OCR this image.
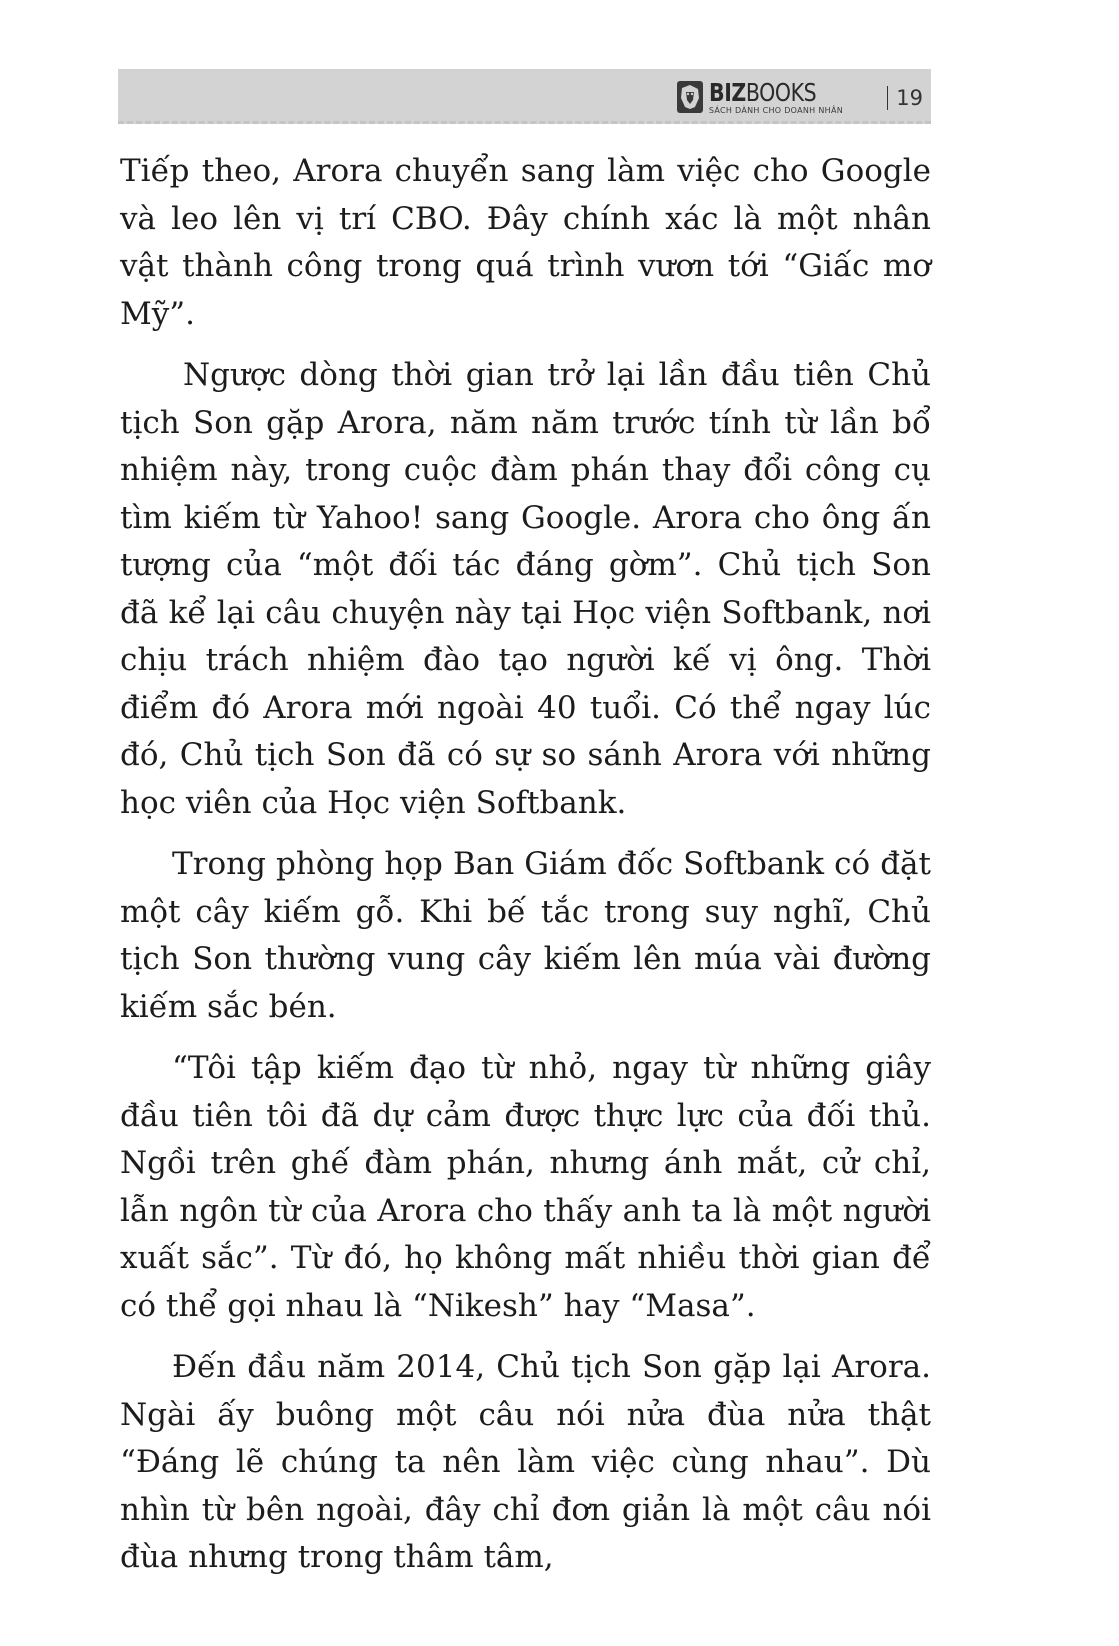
BIZBOOKS
SÁCH DÀNH CHO DOANH NHÂN	19

Tiếp theo, Arora chuyển sang làm việc cho Google và leo lên vị trí CBO. Đây chính xác là một nhân vật thành công trong quá trình vươn tới “Giấc mơ Mỹ”.

Ngược dòng thời gian trở lại lần đầu tiên Chủ tịch Son gặp Arora, năm năm trước tính từ lần bổ nhiệm này, trong cuộc đàm phán thay đổi công cụ tìm kiếm từ Yahoo! sang Google. Arora cho ông ấn tượng của “một đối tác đáng gờm”. Chủ tịch Son đã kể lại câu chuyện này tại Học viện Softbank, nơi chịu trách nhiệm đào tạo người kế vị ông. Thời điểm đó Arora mới ngoài 40 tuổi. Có thể ngay lúc đó, Chủ tịch Son đã có sự so sánh Arora với những học viên của Học viện Softbank.

Trong phòng họp Ban Giám đốc Softbank có đặt một cây kiếm gỗ. Khi bế tắc trong suy nghĩ, Chủ tịch Son thường vung cây kiếm lên múa vài đường kiếm sắc bén.

“Tôi tập kiếm đạo từ nhỏ, ngay từ những giây đầu tiên tôi đã dự cảm được thực lực của đối thủ. Ngồi trên ghế đàm phán, nhưng ánh mắt, cử chỉ, lẫn ngôn từ của Arora cho thấy anh ta là một người xuất sắc”. Từ đó, họ không mất nhiều thời gian để có thể gọi nhau là “Nikesh” hay “Masa”.

Đến đầu năm 2014, Chủ tịch Son gặp lại Arora. Ngài ấy buông một câu nói nửa đùa nửa thật “Đáng lẽ chúng ta nên làm việc cùng nhau”. Dù nhìn từ bên ngoài, đây chỉ đơn giản là một câu nói đùa nhưng trong thâm tâm,
